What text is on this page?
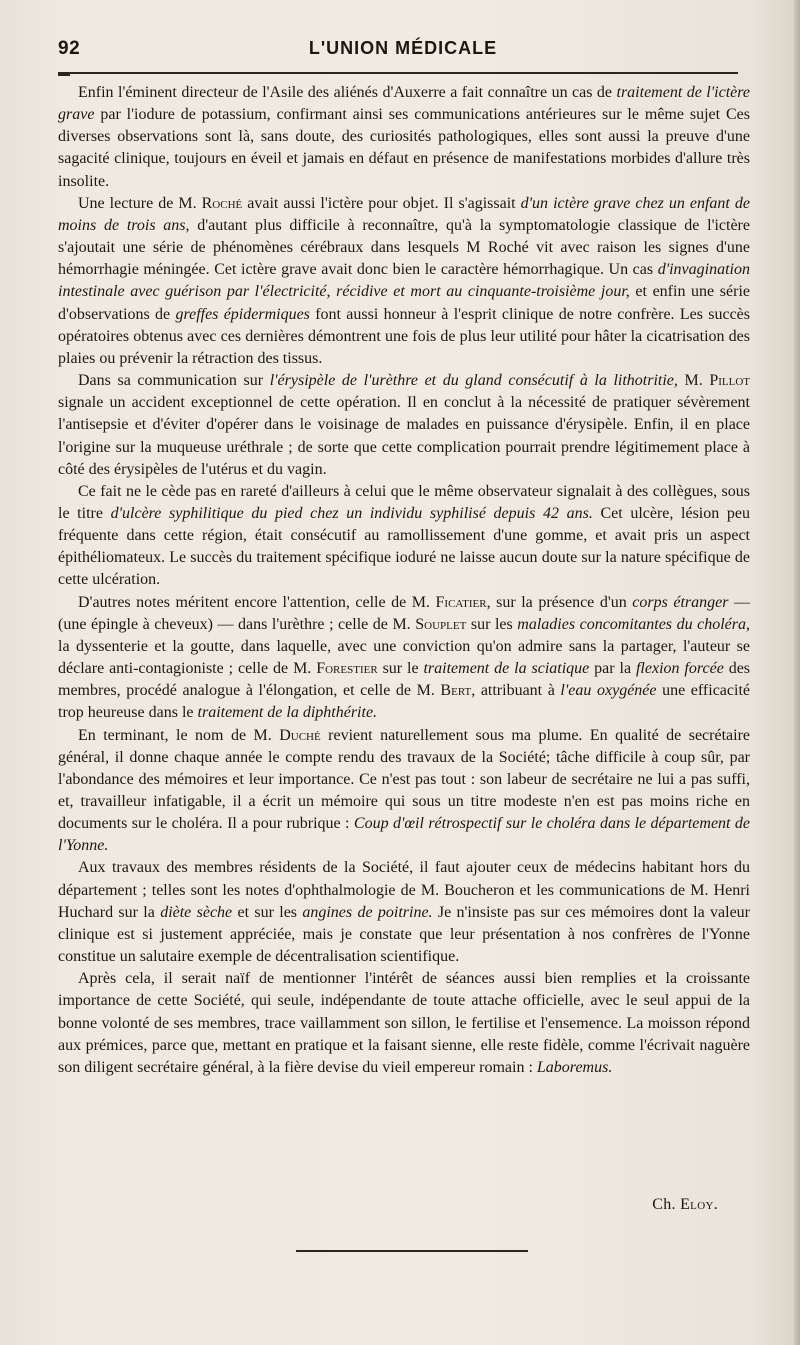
92	L'UNION MÉDICALE

Enfin l'éminent directeur de l'Asile des aliénés d'Auxerre a fait connaître un cas de traitement de l'ictère grave par l'iodure de potassium, confirmant ainsi ses communications antérieures sur le même sujet Ces diverses observations sont là, sans doute, des curiosités pathologiques, elles sont aussi la preuve d'une sagacité clinique, toujours en éveil et jamais en défaut en présence de manifestations morbides d'allure très insolite.

Une lecture de M. Roché avait aussi l'ictère pour objet. Il s'agissait d'un ictère grave chez un enfant de moins de trois ans, d'autant plus difficile à reconnaître, qu'à la symptomatologie classique de l'ictère s'ajoutait une série de phénomènes cérébraux dans lesquels M Roché vit avec raison les signes d'une hémorrhagie méningée. Cet ictère grave avait donc bien le caractère hémorrhagique. Un cas d'invagination intestinale avec guérison par l'électricité, récidive et mort au cinquante-troisième jour, et enfin une série d'observations de greffes épidermiques font aussi honneur à l'esprit clinique de notre confrère. Les succès opératoires obtenus avec ces dernières démontrent une fois de plus leur utilité pour hâter la cicatrisation des plaies ou prévenir la rétraction des tissus.

Dans sa communication sur l'érysipèle de l'urèthre et du gland consécutif à la lithotritie, M. Pillot signale un accident exceptionnel de cette opération. Il en conclut à la nécessité de pratiquer sévèrement l'antisepsie et d'éviter d'opérer dans le voisinage de malades en puissance d'érysipèle. Enfin, il en place l'origine sur la muqueuse uréthrale ; de sorte que cette complication pourrait prendre légitimement place à côté des érysipèles de l'utérus et du vagin.

Ce fait ne le cède pas en rareté d'ailleurs à celui que le même observateur signalait à des collègues, sous le titre d'ulcère syphilitique du pied chez un individu syphilisé depuis 42 ans. Cet ulcère, lésion peu fréquente dans cette région, était consécutif au ramollissement d'une gomme, et avait pris un aspect épithéliomateux. Le succès du traitement spécifique ioduré ne laisse aucun doute sur la nature spécifique de cette ulcération.

D'autres notes méritent encore l'attention, celle de M. Ficatier, sur la présence d'un corps étranger — (une épingle à cheveux) — dans l'urèthre ; celle de M. Souplet sur les maladies concomitantes du choléra, la dyssenterie et la goutte, dans laquelle, avec une conviction qu'on admire sans la partager, l'auteur se déclare anti-contagioniste ; celle de M. Forestier sur le traitement de la sciatique par la flexion forcée des membres, procédé analogue à l'élongation, et celle de M. Bert, attribuant à l'eau oxygénée une efficacité trop heureuse dans le traitement de la diphthérite.

En terminant, le nom de M. Duché revient naturellement sous ma plume. En qualité de secrétaire général, il donne chaque année le compte rendu des travaux de la Société; tâche difficile à coup sûr, par l'abondance des mémoires et leur importance. Ce n'est pas tout : son labeur de secrétaire ne lui a pas suffi, et, travailleur infatigable, il a écrit un mémoire qui sous un titre modeste n'en est pas moins riche en documents sur le choléra. Il a pour rubrique : Coup d'œil rétrospectif sur le choléra dans le département de l'Yonne.

Aux travaux des membres résidents de la Société, il faut ajouter ceux de médecins habitant hors du département ; telles sont les notes d'ophthalmologie de M. Boucheron et les communications de M. Henri Huchard sur la diète sèche et sur les angines de poitrine. Je n'insiste pas sur ces mémoires dont la valeur clinique est si justement appréciée, mais je constate que leur présentation à nos confrères de l'Yonne constitue un salutaire exemple de décentralisation scientifique.

Après cela, il serait naïf de mentionner l'intérêt de séances aussi bien remplies et la croissante importance de cette Société, qui seule, indépendante de toute attache officielle, avec le seul appui de la bonne volonté de ses membres, trace vaillamment son sillon, le fertilise et l'ensemence. La moisson répond aux prémices, parce que, mettant en pratique et la faisant sienne, elle reste fidèle, comme l'écrivait naguère son diligent secrétaire général, à la fière devise du vieil empereur romain : Laboremus.

Ch. Eloy.
